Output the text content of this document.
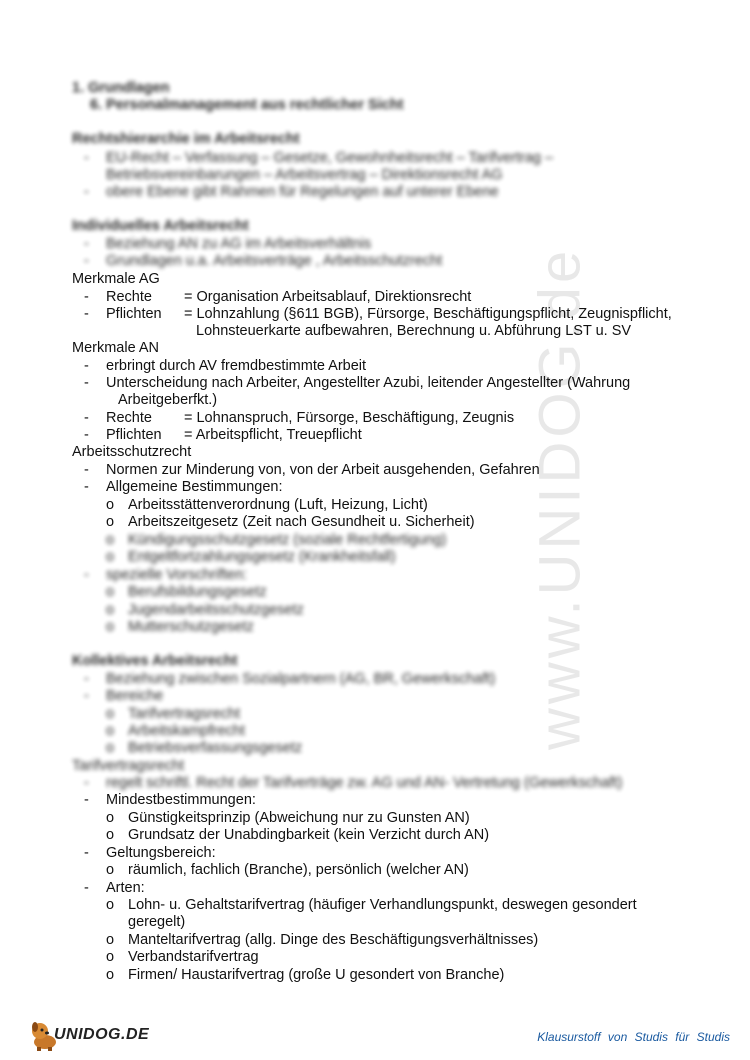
www.UNIDOG.de
1. Grundlagen
6. Personalmanagement aus rechtlicher Sicht
Rechtshierarchie im Arbeitsrecht
- EU-Recht – Verfassung – Gesetze, Gewohnheitsrecht – Tarifvertrag –
Betriebsvereinbarungen – Arbeitsvertrag – Direktionsrecht AG
- obere Ebene gibt Rahmen für Regelungen auf unterer Ebene
Individuelles Arbeitsrecht
- Beziehung AN zu AG im Arbeitsverhältnis
- Grundlagen u.a. Arbeitsverträge , Arbeitsschutzrecht
Merkmale AG
- Rechte = Organisation Arbeitsablauf, Direktionsrecht
- Pflichten = Lohnzahlung (§611 BGB), Fürsorge, Beschäftigungspflicht, Zeugnispflicht,
Lohnsteuerkarte aufbewahren, Berechnung u. Abführung LST u. SV
Merkmale AN
- erbringt durch AV fremdbestimmte Arbeit
- Unterscheidung nach Arbeiter, Angestellter Azubi, leitender Angestellter (Wahrung
Arbeitgeberfkt.)
- Rechte = Lohnanspruch, Fürsorge, Beschäftigung, Zeugnis
- Pflichten = Arbeitspflicht, Treuepflicht
Arbeitsschutzrecht
- Normen zur Minderung von, von der Arbeit ausgehenden, Gefahren
- Allgemeine Bestimmungen:
o Arbeitsstättenverordnung (Luft, Heizung, Licht)
o Arbeitszeitgesetz (Zeit nach Gesundheit u. Sicherheit)
o Kündigungsschutzgesetz (soziale Rechtfertigung)
o Entgeltfortzahlungsgesetz (Krankheitsfall)
- spezielle Vorschriften:
o Berufsbildungsgesetz
o Jugendarbeitsschutzgesetz
o Mutterschutzgesetz
Kollektives Arbeitsrecht
- Beziehung zwischen Sozialpartnern (AG, BR, Gewerkschaft)
- Bereiche
o Tarifvertragsrecht
o Arbeitskampfrecht
o Betriebsverfassungsgesetz
Tarifvertragsrecht
- regelt schriftl. Recht der Tarifverträge zw. AG und AN- Vertretung (Gewerkschaft)
- Mindestbestimmungen:
o Günstigkeitsprinzip (Abweichung nur zu Gunsten AN)
o Grundsatz der Unabdingbarkeit (kein Verzicht durch AN)
- Geltungsbereich:
o räumlich, fachlich (Branche), persönlich (welcher AN)
- Arten:
o Lohn- u. Gehaltstarifvertrag (häufiger Verhandlungspunkt, deswegen gesondert
geregelt)
o Manteltarifvertrag (allg. Dinge des Beschäftigungsverhältnisses)
o Verbandstarifvertrag
o Firmen/ Haustarifvertrag (große U gesondert von Branche)
UNIDOG.DE	Klausurstoff von Studis für Studis
